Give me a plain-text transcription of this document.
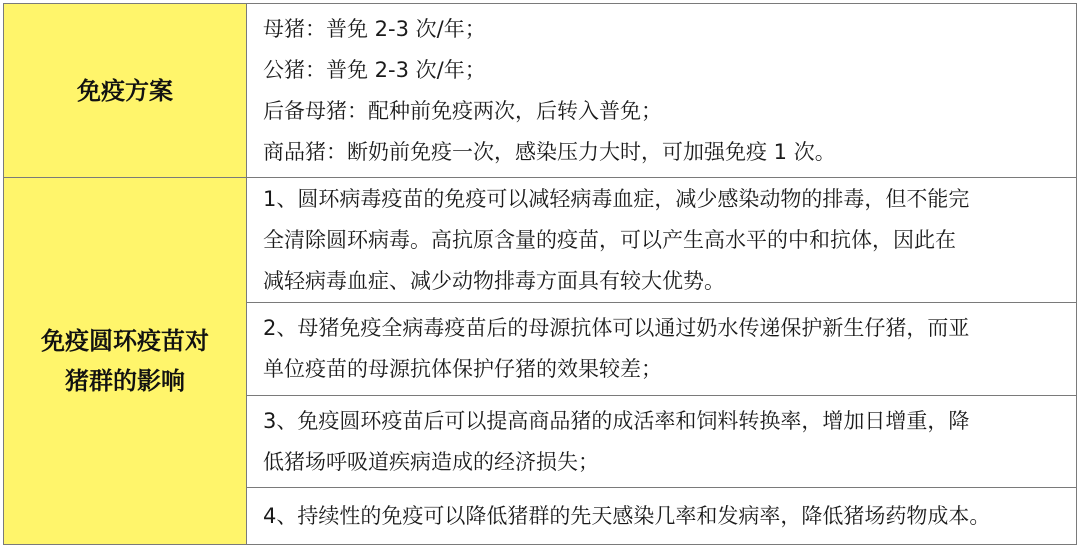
免疫方案	母猪：普免 2-3 次/年；
公猪：普免 2-3 次/年；
后备母猪：配种前免疫两次，后转入普免；
商品猪：断奶前免疫一次，感染压力大时，可加强免疫 1 次。

免疫圆环疫苗对
猪群的影响	1、圆环病毒疫苗的免疫可以减轻病毒血症，减少感染动物的排毒，但不能完
全清除圆环病毒。高抗原含量的疫苗，可以产生高水平的中和抗体，因此在
减轻病毒血症、减少动物排毒方面具有较大优势。

	2、母猪免疫全病毒疫苗后的母源抗体可以通过奶水传递保护新生仔猪，而亚
单位疫苗的母源抗体保护仔猪的效果较差；

	3、免疫圆环疫苗后可以提高商品猪的成活率和饲料转换率，增加日增重，降
低猪场呼吸道疾病造成的经济损失；

	4、持续性的免疫可以降低猪群的先天感染几率和发病率，降低猪场药物成本。
